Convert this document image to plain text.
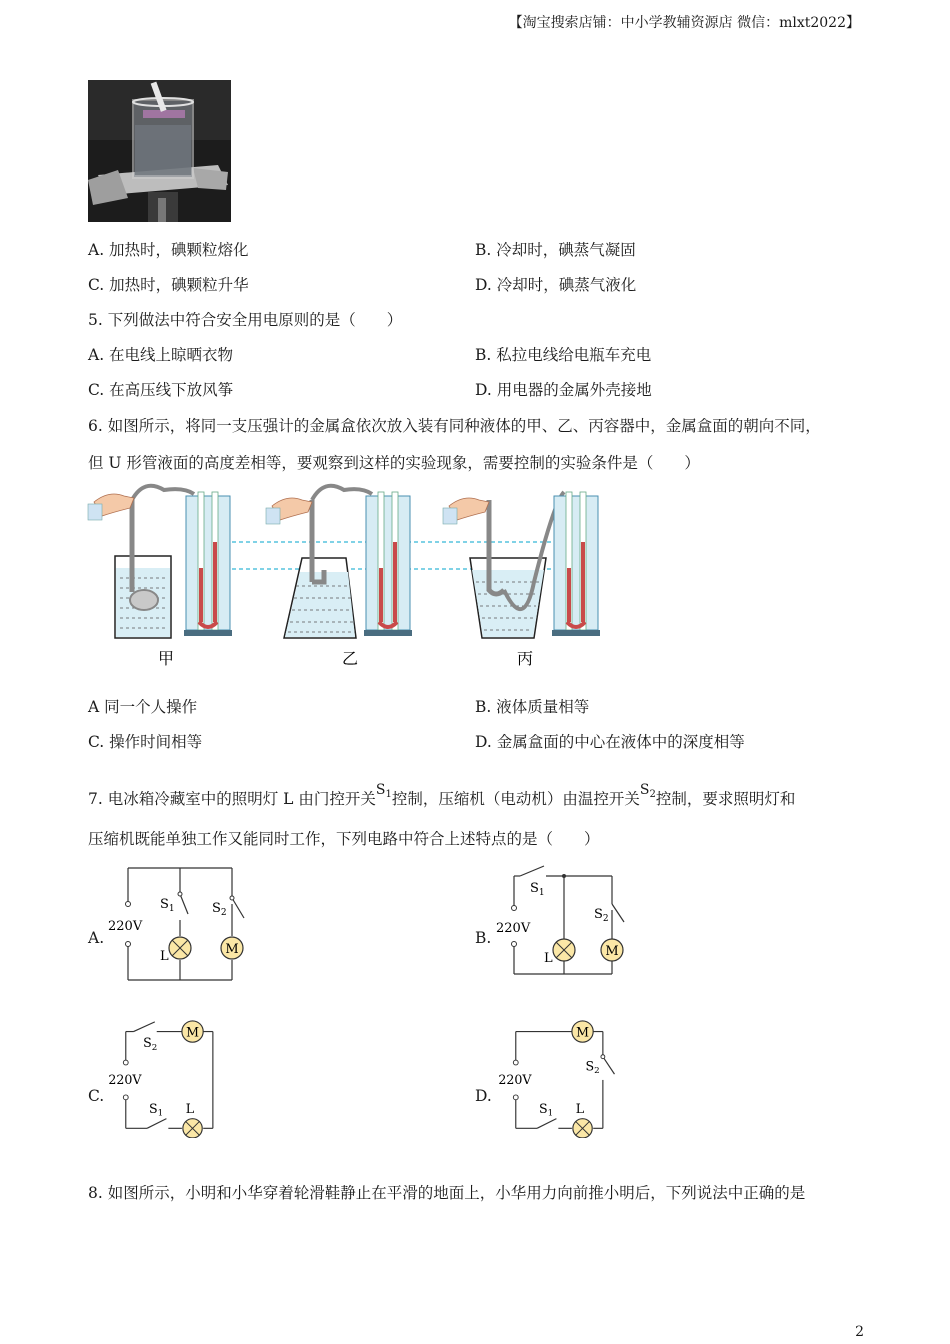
【淘宝搜索店铺：中小学教辅资源店 微信：mlxt2022】
A. 加热时，碘颗粒熔化	B. 冷却时，碘蒸气凝固
C. 加热时，碘颗粒升华	D. 冷却时，碘蒸气液化
5. 下列做法中符合安全用电原则的是（　　）
A. 在电线上晾晒衣物	B. 私拉电线给电瓶车充电
C. 在高压线下放风筝	D. 用电器的金属外壳接地
6. 如图所示，将同一支压强计的金属盒依次放入装有同种液体的甲、乙、丙容器中，金属盒面的朝向不同，
但 U 形管液面的高度差相等，要观察到这样的实验现象，需要控制的实验条件是（　　）
甲	乙	丙
A 同一个人操作	B. 液体质量相等
C. 操作时间相等	D. 金属盒面的中心在液体中的深度相等
7. 电冰箱冷藏室中的照明灯 L 由门控开关$S_1$控制，压缩机（电动机）由温控开关$S_2$控制，要求照明灯和
压缩机既能单独工作又能同时工作，下列电路中符合上述特点的是（　　）
A.
M
220V
$S_1$	$S_2$
L
B.
M
220V
$S_1$
$S_2$
L
C.
M
220V
$S_2$
$S_1$ L
D.
M
220V
$S_2$
$S_1$ L
8. 如图所示，小明和小华穿着轮滑鞋静止在平滑的地面上，小华用力向前推小明后，下列说法中正确的是
2
